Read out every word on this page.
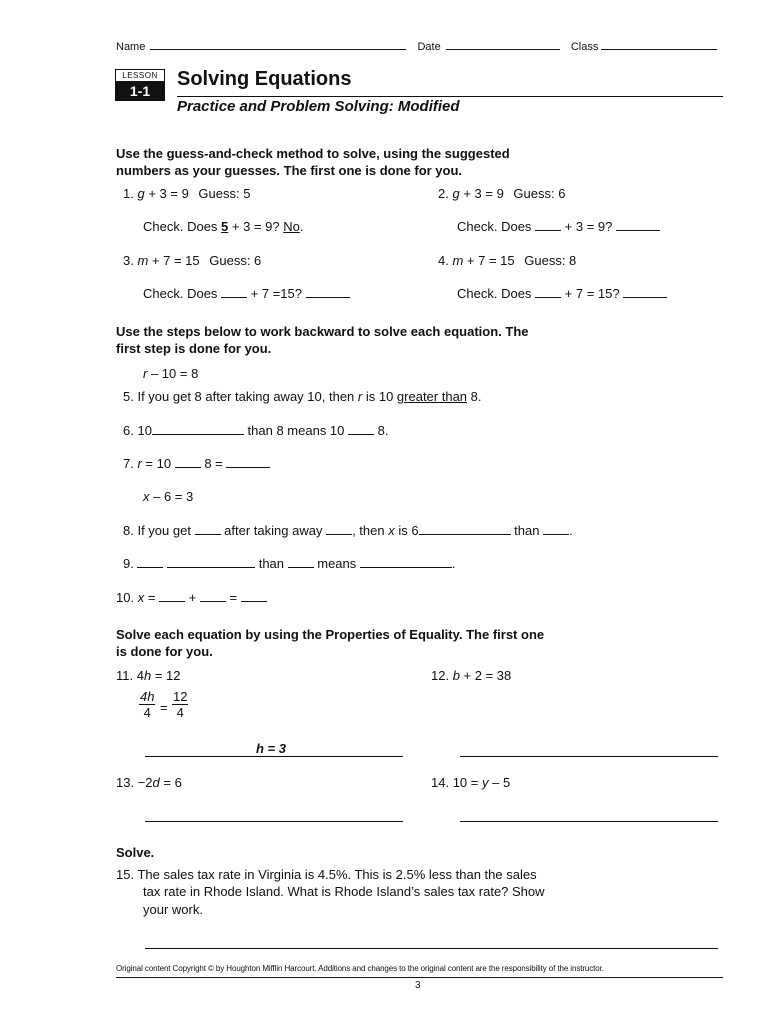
Name	Date	Class
LESSON
1-1
Solving Equations
Practice and Problem Solving: Modified
Use the guess-and-check method to solve, using the suggested
numbers as your guesses. The first one is done for you.
1. g + 3 = 9 Guess: 5
Check. Does 5 + 3 = 9? No.
2. g + 3 = 9 Guess: 6
Check. Does  + 3 = 9?
3. m + 7 = 15 Guess: 6
Check. Does  + 7 =15?
4. m + 7 = 15 Guess: 8
Check. Does  + 7 = 15?
Use the steps below to work backward to solve each equation. The
first step is done for you.
r – 10 = 8
5. If you get 8 after taking away 10, then r is 10 greater than 8.
6. 10	than 8 means 10  8.
7. r = 10  8 =
x – 6 = 3
8. If you get  after taking away , then x is 6	than .
9.	than  means	.
10. x =  +  =
Solve each equation by using the Properties of Equality. The first one
is done for you.
11. 4h = 12
$\frac{4h}{4} = \frac{12}{4}$
h = 3
12. b + 2 = 38
13. −2d = 6	14. 10 = y – 5
Solve.
15. The sales tax rate in Virginia is 4.5%. This is 2.5% less than the sales
tax rate in Rhode Island. What is Rhode Island’s sales tax rate? Show
your work.
Original content Copyright © by Houghton Mifflin Harcourt. Additions and changes to the original content are the responsibility of the instructor.
3
